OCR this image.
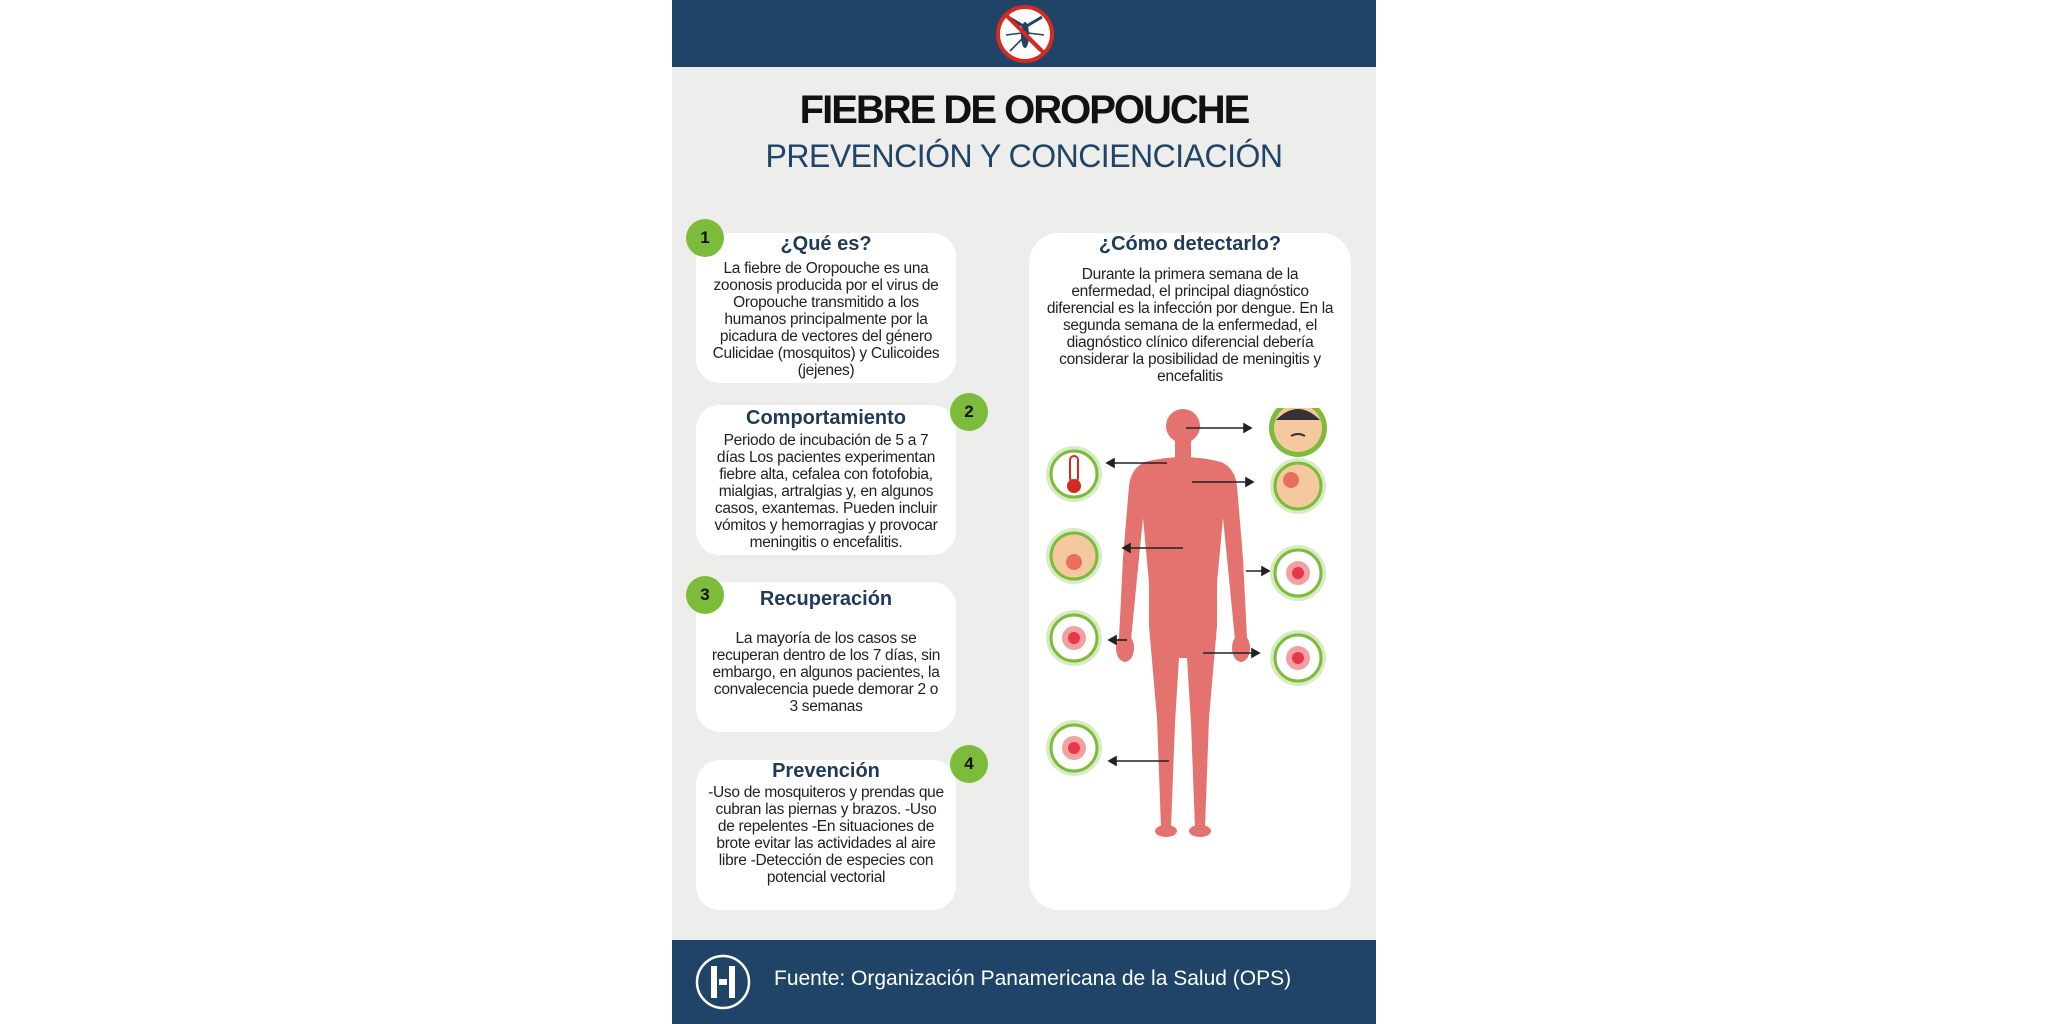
FIEBRE DE OROPOUCHE
PREVENCIÓN Y CONCIENCIACIÓN
¿Qué es?
La fiebre de Oropouche es una zoonosis producida por el virus de Oropouche transmitido a los humanos principalmente por la picadura de vectores del género Culicidae (mosquitos) y Culicoides (jejenes)
1
Comportamiento
Periodo de incubación de 5 a 7 días Los pacientes experimentan fiebre alta, cefalea con fotofobia, mialgias, artralgias y, en algunos casos, exantemas. Pueden incluir vómitos y hemorragias y provocar meningitis o encefalitis.
2
Recuperación
La mayoría de los casos se recuperan dentro de los 7 días, sin embargo, en algunos pacientes, la convalecencia puede demorar 2 o 3 semanas
3
Prevención
-Uso de mosquiteros y prendas que cubran las piernas y brazos. -Uso de repelentes -En situaciones de brote evitar las actividades al aire libre -Detección de especies con potencial vectorial
4
¿Cómo detectarlo?
Durante la primera semana de la enfermedad, el principal diagnóstico diferencial es la infección por dengue. En la segunda semana de la enfermedad, el diagnóstico clínico diferencial debería considerar la posibilidad de meningitis y encefalitis
Fuente: Organización Panamericana de la Salud (OPS)
